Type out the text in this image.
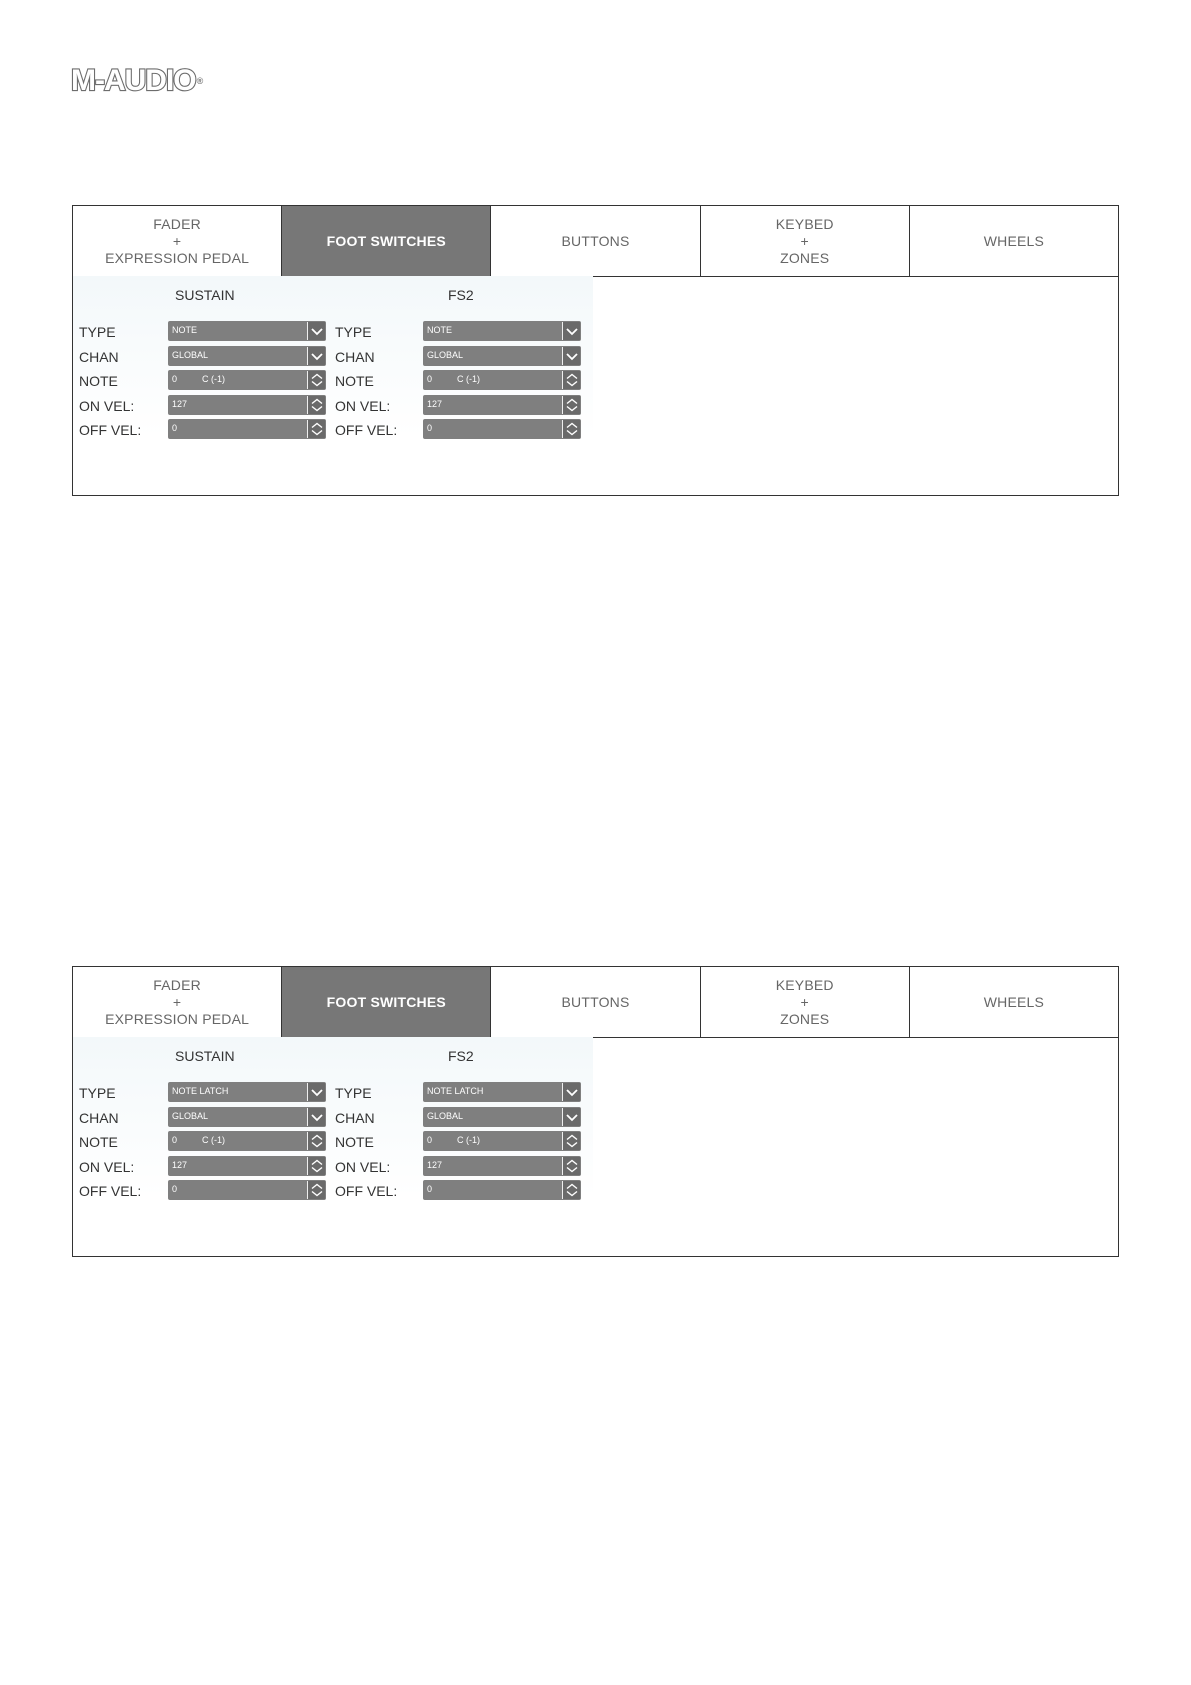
M-AUDIO®
FADER
+
EXPRESSION PEDAL
FOOT SWITCHES	BUTTONS
KEYBED
+
ZONES
WHEELS
SUSTAIN
TYPE	NOTE
CHAN	GLOBAL
NOTE	0	C (-1)
ON VEL:	127
OFF VEL:	0
FS2
TYPE	NOTE
CHAN	GLOBAL
NOTE	0	C (-1)
ON VEL:	127
OFF VEL:	0
FADER
+
EXPRESSION PEDAL
FOOT SWITCHES	BUTTONS
KEYBED
+
ZONES
WHEELS
SUSTAIN
TYPE	NOTE LATCH
CHAN	GLOBAL
NOTE	0	C (-1)
ON VEL:	127
OFF VEL:	0
FS2
TYPE	NOTE LATCH
CHAN	GLOBAL
NOTE	0	C (-1)
ON VEL:	127
OFF VEL:	0
